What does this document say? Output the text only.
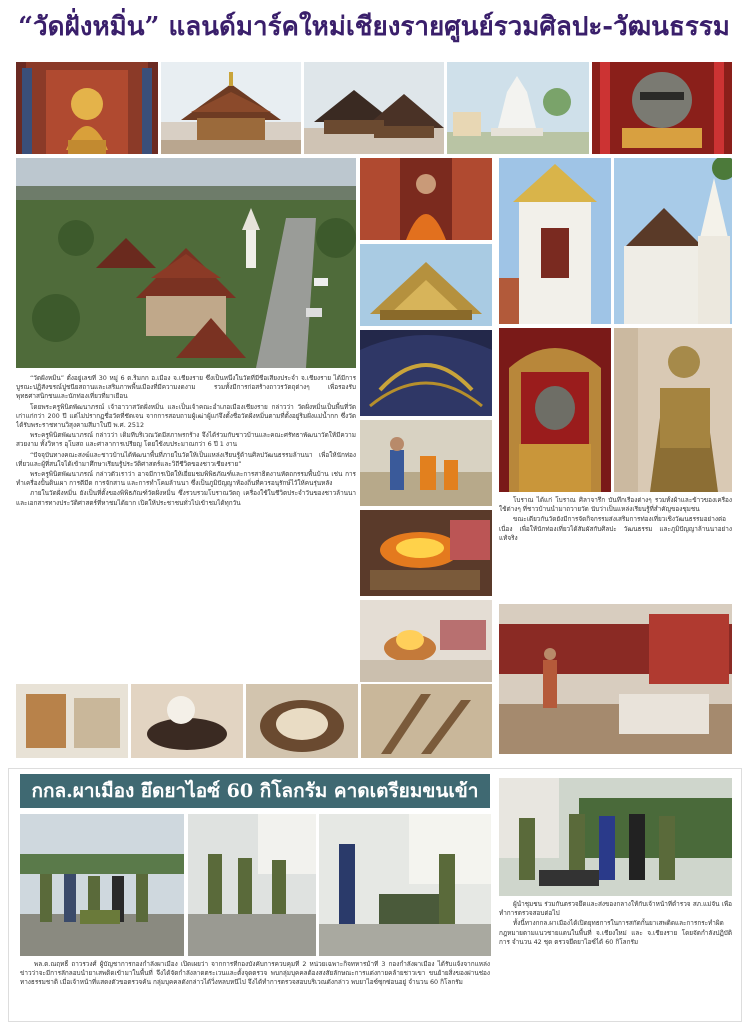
“วัดฝั่งหมิ่น” แลนด์มาร์คใหม่เชียงรายศูนย์รวมศิลปะ-วัฒนธรรม

“วัดฝั่งหมิ่น” ตั้งอยู่เลขที่ 30 หมู่ 6 ต.ริมกก อ.เมือง จ.เชียงราย ซึ่งเป็นหนึ่งในวัดที่มีชื่อเสียงประจำ จ.เชียงราย ได้มีการบูรณะปฏิสังขรณ์ปูชนียสถานและเสริมภาพพื้นเมืองที่มีความงดงาม รวมทั้งมีการก่อสร้างถาวรวัตถุต่างๆ เพื่อรองรับพุทธศาสนิกชนและนักท่องเที่ยวที่มาเยือน

โดยพระครูพินิตพัฒนาภรณ์ เจ้าอาวาสวัดฝั่งหมิ่น และเป็นเจ้าคณะอำเภอเมืองเชียงราย กล่าวว่า วัดฝั่งหมิ่นเป็นพื้นที่วัดเก่าแก่กว่า 200 ปี แต่ไม่ปรากฏชื่อวัดที่ชัดเจน จากการสอบถามผู้เฒ่าผู้แก่จึงตั้งชื่อวัดฝั่งหมิ่นตามที่ตั้งอยู่ริมฝั่งแม่น้ำกก ซึ่งวัดได้รับพระราชทานวิสุงคามสีมาในปี พ.ศ. 2512

พระครูพินิตพัฒนาภรณ์ กล่าวว่า เดิมทีบริเวณวัดมีสภาพรกร้าง จึงได้ร่วมกับชาวบ้านและคณะศรัทธาพัฒนาวัดให้มีความสวยงาม ทั้งวิหาร อุโบสถ และศาลาการเปรียญ โดยใช้งบประมาณกว่า 6 ปี 1 งาน

“ปัจจุบันทางคณะสงฆ์และชาวบ้านได้พัฒนาพื้นที่ภายในวัดให้เป็นแหล่งเรียนรู้ด้านศิลปวัฒนธรรมล้านนา เพื่อให้นักท่องเที่ยวและผู้ที่สนใจได้เข้ามาศึกษาเรียนรู้ประวัติศาสตร์และวิถีชีวิตของชาวเชียงราย”

พระครูพินิตพัฒนาภรณ์ กล่าวตัวเราว่า อาจมีการเปิดให้เยี่ยมชมพิพิธภัณฑ์และการสาธิตงานหัตถกรรมพื้นบ้าน เช่น การทำเครื่องปั้นดินเผา การตีมีด การจักสาน และการทำโคมล้านนา ซึ่งเป็นภูมิปัญญาท้องถิ่นที่ควรอนุรักษ์ไว้ให้คนรุ่นหลัง

ภายในวัดฝั่งหมิ่น ยังเป็นที่ตั้งของพิพิธภัณฑ์วัดฝั่งหมิ่น ซึ่งรวบรวมโบราณวัตถุ เครื่องใช้ในชีวิตประจำวันของชาวล้านนา และเอกสารทางประวัติศาสตร์ที่หาชมได้ยาก เปิดให้ประชาชนทั่วไปเข้าชมได้ทุกวัน	โบราณ ได้แก่ โบราณ ศิลาจารึก บันทึกเรื่องต่างๆ รวมทั้งผ้าและข้าวของเครื่องใช้ต่างๆ ที่ชาวบ้านนำมาถวายวัด นับว่าเป็นแหล่งเรียนรู้ที่สำคัญของชุมชน

ขณะเดียวกันวัดยังมีการจัดกิจกรรมส่งเสริมการท่องเที่ยวเชิงวัฒนธรรมอย่างต่อเนื่อง เพื่อให้นักท่องเที่ยวได้สัมผัสกับศิลปะ วัฒนธรรม และภูมิปัญญาล้านนาอย่างแท้จริง

กกล.ผาเมือง ยึดยาไอซ์ 60 กิโลกรัม คาดเตรียมขนเข้า

ผู้นำชุมชน ร่วมกันตรวจยึดและส่งของกลางให้กับเจ้าหน้าที่ตำรวจ สภ.แม่จัน เพื่อทำการตรวจสอบต่อไป

ทั้งนี้ทางกกล.ผาเมืองได้เปิดยุทธการในการสกัดกั้นยาเสพติดและการกระทำผิดกฎหมายตามแนวชายแดนในพื้นที่ จ.เชียงใหม่ และ จ.เชียงราย โดยจัดกำลังปฏิบัติการ จำนวน 42 ชุด ตรวจยึดยาไอซ์ได้ 60 กิโลกรัม

พล.ต.ณฤทธิ์ ถาวรวงศ์ ผู้บัญชาการกองกำลังผาเมือง เปิดเผยว่า จากการที่กองบังคับการควบคุมที่ 2 หน่วยเฉพาะกิจทหารม้าที่ 3 กองกำลังผาเมือง ได้รับแจ้งจากแหล่งข่าวว่าจะมีการลักลอบนำยาเสพติดเข้ามาในพื้นที่ จึงได้จัดกำลังลาดตระเวนและตั้งจุดตรวจ พบกลุ่มบุคคลต้องสงสัยลักษณะการแต่งกายคล้ายชาวเขา ขนย้ายสิ่งของผ่านช่องทางธรรมชาติ เมื่อเจ้าหน้าที่แสดงตัวขอตรวจค้น กลุ่มบุคคลดังกล่าวได้วิ่งหลบหนีไป จึงได้ทำการตรวจสอบบริเวณดังกล่าว พบยาไอซ์ซุกซ่อนอยู่ จำนวน 60 กิโลกรัม
